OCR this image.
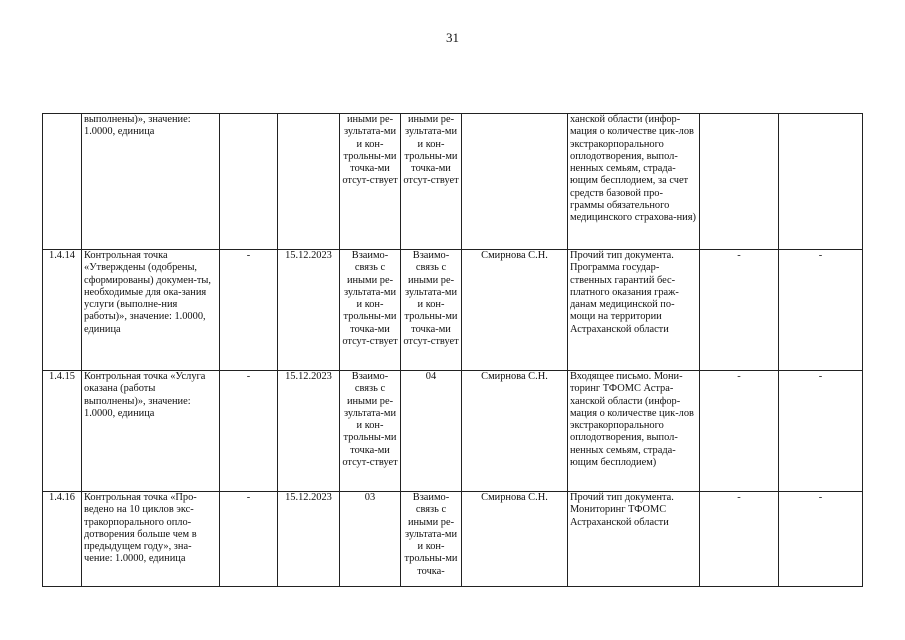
31
	выполнены)», значение: 1.0000, единица			иными ре-зультата-ми и кон-трольны-ми точка-ми отсут-ствует	иными ре-зультата-ми и кон-трольны-ми точка-ми отсут-ствует		ханской области (инфор-мация о количестве цик-лов экстракорпорального оплодотворения, выпол-ненных семьям, страда-ющим бесплодием, за счет средств базовой про-граммы обязательного медицинского страхова-ния)		
1.4.14	Контрольная точка «Утверждены (одобрены, сформированы) докумен-ты, необходимые для ока-зания услуги (выполне-ния работы)», значение: 1.0000, единица	-	15.12.2023	Взаимо-связь с иными ре-зультата-ми и кон-трольны-ми точка-ми отсут-ствует	Взаимо-связь с иными ре-зультата-ми и кон-трольны-ми точка-ми отсут-ствует	Смирнова С.Н.	Прочий тип документа. Программа государ-ственных гарантий бес-платного оказания граж-данам медицинской по-мощи на территории Астраханской области	-	-
1.4.15	Контрольная точка «Услуга оказана (работы выполнены)», значение: 1.0000, единица	-	15.12.2023	Взаимо-связь с иными ре-зультата-ми и кон-трольны-ми точка-ми отсут-ствует	04	Смирнова С.Н.	Входящее письмо. Мони-торинг ТФОМС Астра-ханской области (инфор-мация о количестве цик-лов экстракорпорального оплодотворения, выпол-ненных семьям, страда-ющим бесплодием)	-	-
1.4.16	Контрольная точка «Про-ведено на 10 циклов экс-тракорпорального опло-дотворения больше чем в предыдущем году», зна-чение: 1.0000, единица	-	15.12.2023	03	Взаимо-связь с иными ре-зультата-ми и кон-трольны-ми точка-	Смирнова С.Н.	Прочий тип документа. Мониторинг ТФОМС Астраханской области	-	-
